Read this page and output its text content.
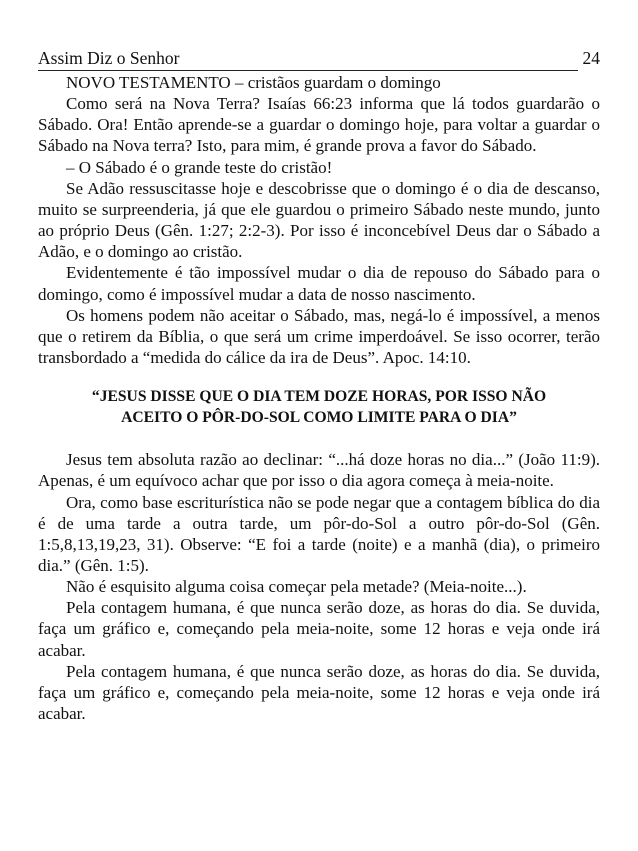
Assim Diz o Senhor	24

NOVO TESTAMENTO – cristãos guardam o domingo

Como será na Nova Terra? Isaías 66:23 informa que lá todos guardarão o Sábado. Ora! Então aprende-se a guardar o domingo hoje, para voltar a guardar o Sábado na Nova terra? Isto, para mim, é grande prova a favor do Sábado.

– O Sábado é o grande teste do cristão!

Se Adão ressuscitasse hoje e descobrisse que o domingo é o dia de descanso, muito se surpreenderia, já que ele guardou o primeiro Sábado neste mundo, junto ao próprio Deus (Gên. 1:27; 2:2-3). Por isso é inconcebível Deus dar o Sábado a Adão, e o domingo ao cristão.

Evidentemente é tão impossível mudar o dia de repouso do Sábado para o domingo, como é impossível mudar a data de nosso nascimento.

Os homens podem não aceitar o Sábado, mas, negá-lo é impossível, a menos que o retirem da Bíblia, o que será um crime imperdoável. Se isso ocorrer, terão transbordado a “medida do cálice da ira de Deus”. Apoc. 14:10.

“JESUS DISSE QUE O DIA TEM DOZE HORAS, POR ISSO NÃO
ACEITO O PÔR-DO-SOL COMO LIMITE PARA O DIA”

Jesus tem absoluta razão ao declinar: “...há doze horas no dia...” (João 11:9). Apenas, é um equívoco achar que por isso o dia agora começa à meia-noite.

Ora, como base escriturística não se pode negar que a contagem bíblica do dia é de uma tarde a outra tarde, um pôr-do-Sol a outro pôr-do-Sol (Gên. 1:5,8,13,19,23, 31). Observe: “E foi a tarde (noite) e a manhã (dia), o primeiro dia.” (Gên. 1:5).

Não é esquisito alguma coisa começar pela metade? (Meia-noite...).

Pela contagem humana, é que nunca serão doze, as horas do dia. Se duvida, faça um gráfico e, começando pela meia-noite, some 12 horas e veja onde irá acabar.

Pela contagem humana, é que nunca serão doze, as horas do dia. Se duvida, faça um gráfico e, começando pela meia-noite, some 12 horas e veja onde irá acabar.
